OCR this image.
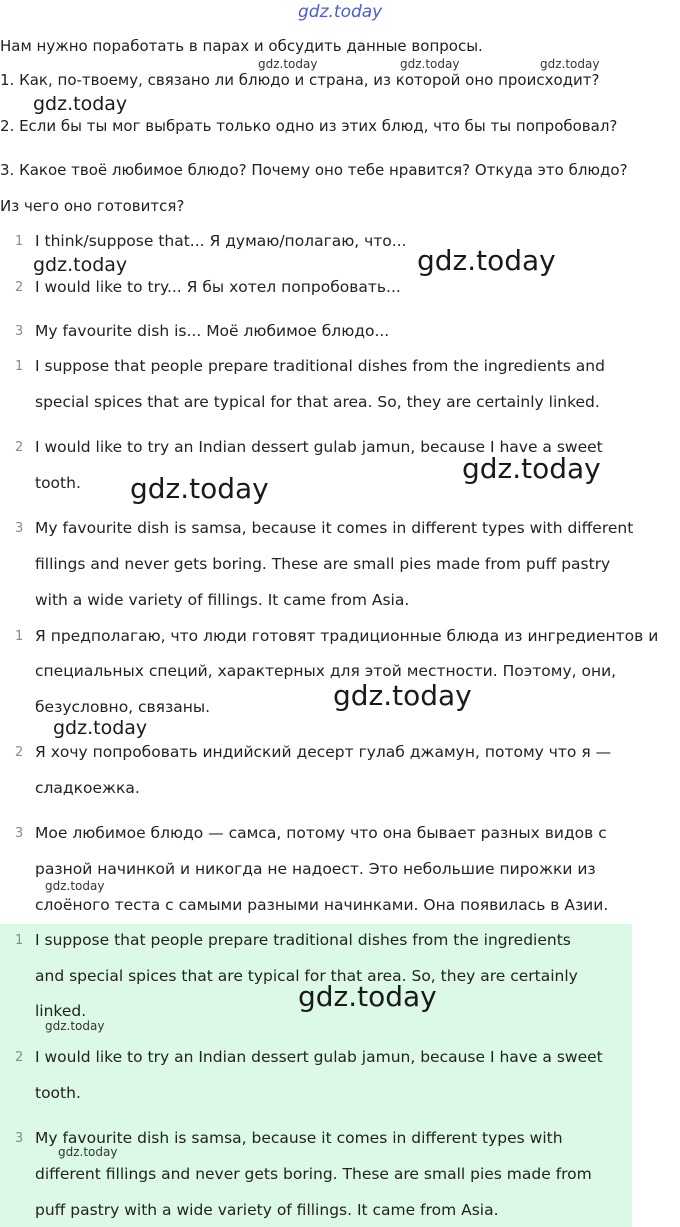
Нам нужно поработать в парах и обсудить данные вопросы.
1. Как, по-твоему, связано ли блюдо и страна, из которой оно происходит?
2. Если бы ты мог выбрать только одно из этих блюд, что бы ты попробовал?
3. Какое твоё любимое блюдо? Почему оно тебе нравится? Откуда это блюдо?
Из чего оно готовится?
1 I think/suppose that... Я думаю/полагаю, что...
2 I would like to try... Я бы хотел попробовать...
3 My favourite dish is... Моё любимое блюдо...
1 I suppose that people prepare traditional dishes from the ingredients and
special spices that are typical for that area. So, they are certainly linked.
2 I would like to try an Indian dessert gulab jamun, because I have a sweet
tooth.
3 My favourite dish is samsa, because it comes in different types with different
fillings and never gets boring. These are small pies made from puff pastry
with a wide variety of fillings. It came from Asia.
1 Я предполагаю, что люди готовят традиционные блюда из ингредиентов и
специальных специй, характерных для этой местности. Поэтому, они,
безусловно, связаны.
2 Я хочу попробовать индийский десерт гулаб джамун, потому что я —
сладкоежка.
3 Мое любимое блюдо — самса, потому что она бывает разных видов с
разной начинкой и никогда не надоест. Это небольшие пирожки из
слоёного теста с самыми разными начинками. Она появилась в Азии.
1 I suppose that people prepare traditional dishes from the ingredients
and special spices that are typical for that area. So, they are certainly
linked.
2 I would like to try an Indian dessert gulab jamun, because I have a sweet
tooth.
3 My favourite dish is samsa, because it comes in different types with
different fillings and never gets boring. These are small pies made from
puff pastry with a wide variety of fillings. It came from Asia.
gdz.today
gdz.today	gdz.today	gdz.today
gdz.today
gdz.today	gdz.today
gdz.today
gdz.today
gdz.today
gdz.today
gdz.today
gdz.today
gdz.today
gdz.today
